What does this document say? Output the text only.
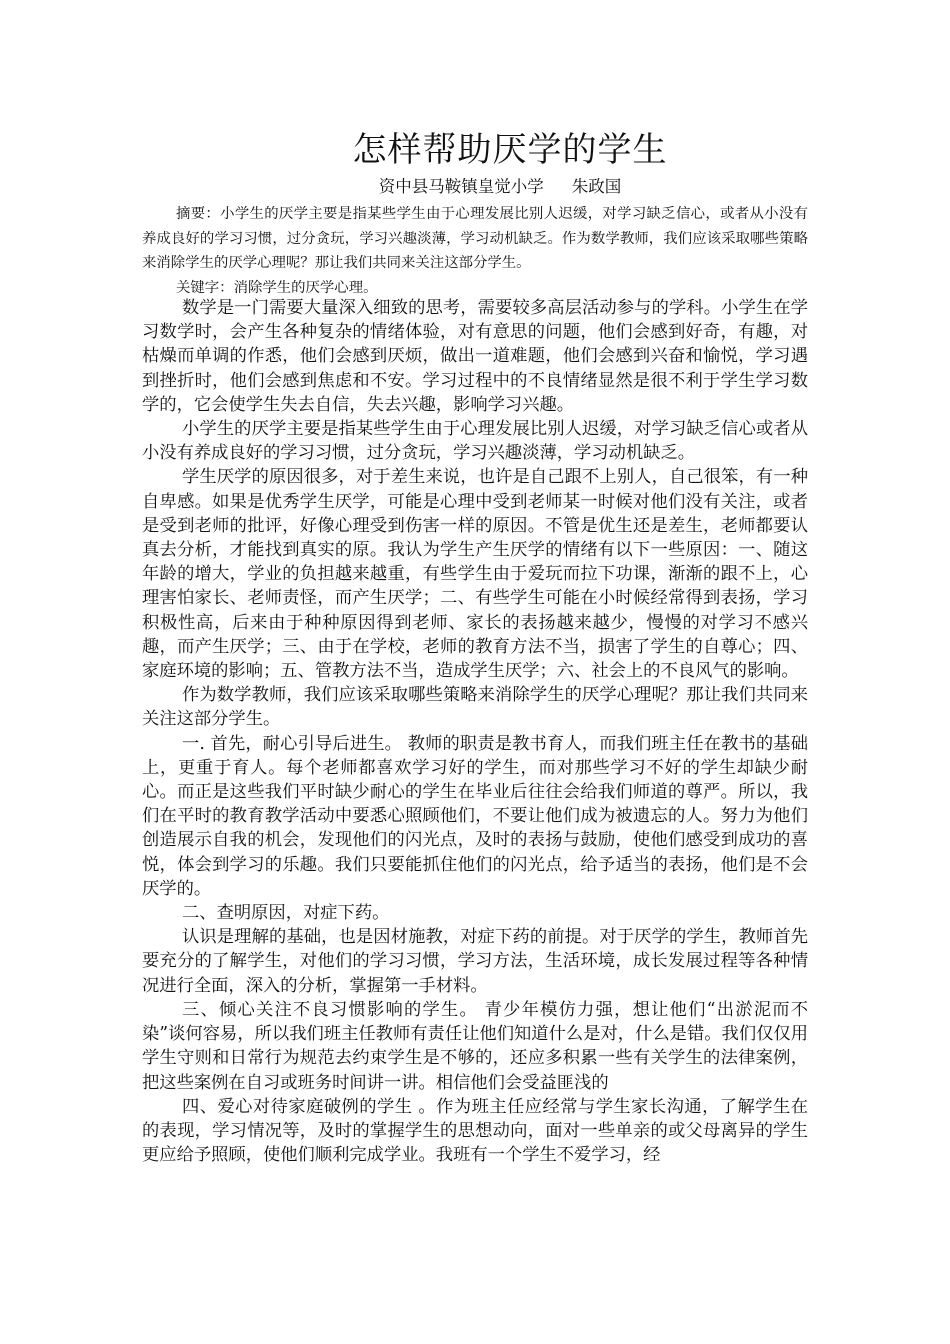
怎样帮助厌学的学生
资中县马鞍镇皇觉小学 朱政国

摘要：小学生的厌学主要是指某些学生由于心理发展比别人迟缓，对学习缺乏信心，或者从小没有养成良好的学习习惯，过分贪玩，学习兴趣淡薄，学习动机缺乏。作为数学教师，我们应该采取哪些策略来消除学生的厌学心理呢？那让我们共同来关注这部分学生。

关键字：消除学生的厌学心理。

数学是一门需要大量深入细致的思考，需要较多高层活动参与的学科。小学生在学习数学时，会产生各种复杂的情绪体验，对有意思的问题，他们会感到好奇，有趣，对枯燥而单调的作悉，他们会感到厌烦，做出一道难题，他们会感到兴奋和愉悦，学习遇到挫折时，他们会感到焦虑和不安。学习过程中的不良情绪显然是很不利于学生学习数学的，它会使学生失去自信，失去兴趣，影响学习兴趣。

小学生的厌学主要是指某些学生由于心理发展比别人迟缓，对学习缺乏信心或者从小没有养成良好的学习习惯，过分贪玩，学习兴趣淡薄，学习动机缺乏。

学生厌学的原因很多，对于差生来说，也许是自己跟不上别人，自己很笨，有一种自卑感。如果是优秀学生厌学，可能是心理中受到老师某一时候对他们没有关注，或者是受到老师的批评，好像心理受到伤害一样的原因。不管是优生还是差生，老师都要认真去分析，才能找到真实的原。我认为学生产生厌学的情绪有以下一些原因：一、随这年龄的增大，学业的负担越来越重，有些学生由于爱玩而拉下功课，渐渐的跟不上，心理害怕家长、老师责怪，而产生厌学；二、有些学生可能在小时候经常得到表扬，学习积极性高，后来由于种种原因得到老师、家长的表扬越来越少，慢慢的对学习不感兴趣，而产生厌学；三、由于在学校，老师的教育方法不当，损害了学生的自尊心；四、家庭环境的影响；五、管教方法不当，造成学生厌学；六、社会上的不良风气的影响。

作为数学教师，我们应该采取哪些策略来消除学生的厌学心理呢？那让我们共同来关注这部分学生。

一. 首先，耐心引导后进生。 教师的职责是教书育人，而我们班主任在教书的基础上，更重于育人。每个老师都喜欢学习好的学生，而对那些学习不好的学生却缺少耐心。而正是这些我们平时缺少耐心的学生在毕业后往往会给我们师道的尊严。所以，我们在平时的教育教学活动中要悉心照顾他们，不要让他们成为被遗忘的人。努力为他们创造展示自我的机会，发现他们的闪光点，及时的表扬与鼓励，使他们感受到成功的喜悦，体会到学习的乐趣。我们只要能抓住他们的闪光点，给予适当的表扬，他们是不会厌学的。

二、查明原因，对症下药。

认识是理解的基础，也是因材施教，对症下药的前提。对于厌学的学生，教师首先要充分的了解学生，对他们的学习习惯，学习方法，生活环境，成长发展过程等各种情况进行全面，深入的分析，掌握第一手材料。

三、倾心关注不良习惯影响的学生。 青少年模仿力强，想让他们“出淤泥而不染”谈何容易，所以我们班主任教师有责任让他们知道什么是对，什么是错。我们仅仅用学生守则和日常行为规范去约束学生是不够的，还应多积累一些有关学生的法律案例，把这些案例在自习或班务时间讲一讲。相信他们会受益匪浅的

四、爱心对待家庭破例的学生 。作为班主任应经常与学生家长沟通，了解学生在的表现，学习情况等，及时的掌握学生的思想动向，面对一些单亲的或父母离异的学生更应给予照顾，使他们顺利完成学业。我班有一个学生不爱学习，经
